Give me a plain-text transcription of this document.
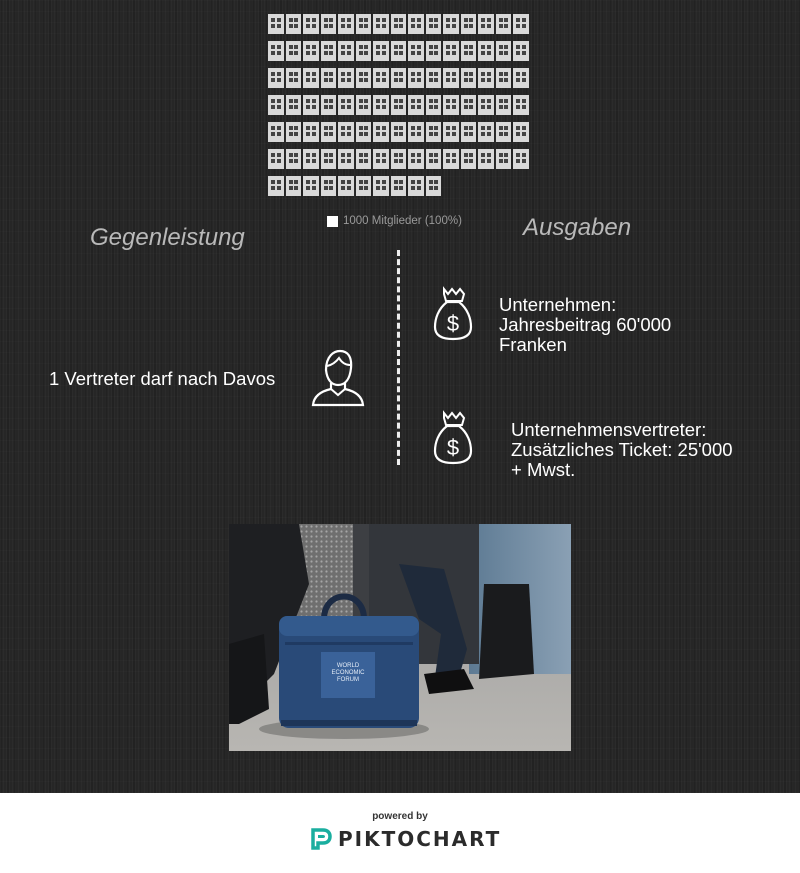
1000 Mitglieder (100%)
Gegenleistung	Ausgaben
1 Vertreter darf nach Davos
$
Unternehmen:
Jahresbeitrag 60'000
Franken
$
Unternehmensvertreter:
Zusätzliches Ticket: 25'000
+ Mwst.
WORLD
ECONOMIC
FORUM
powered by
PIKTOCHART
